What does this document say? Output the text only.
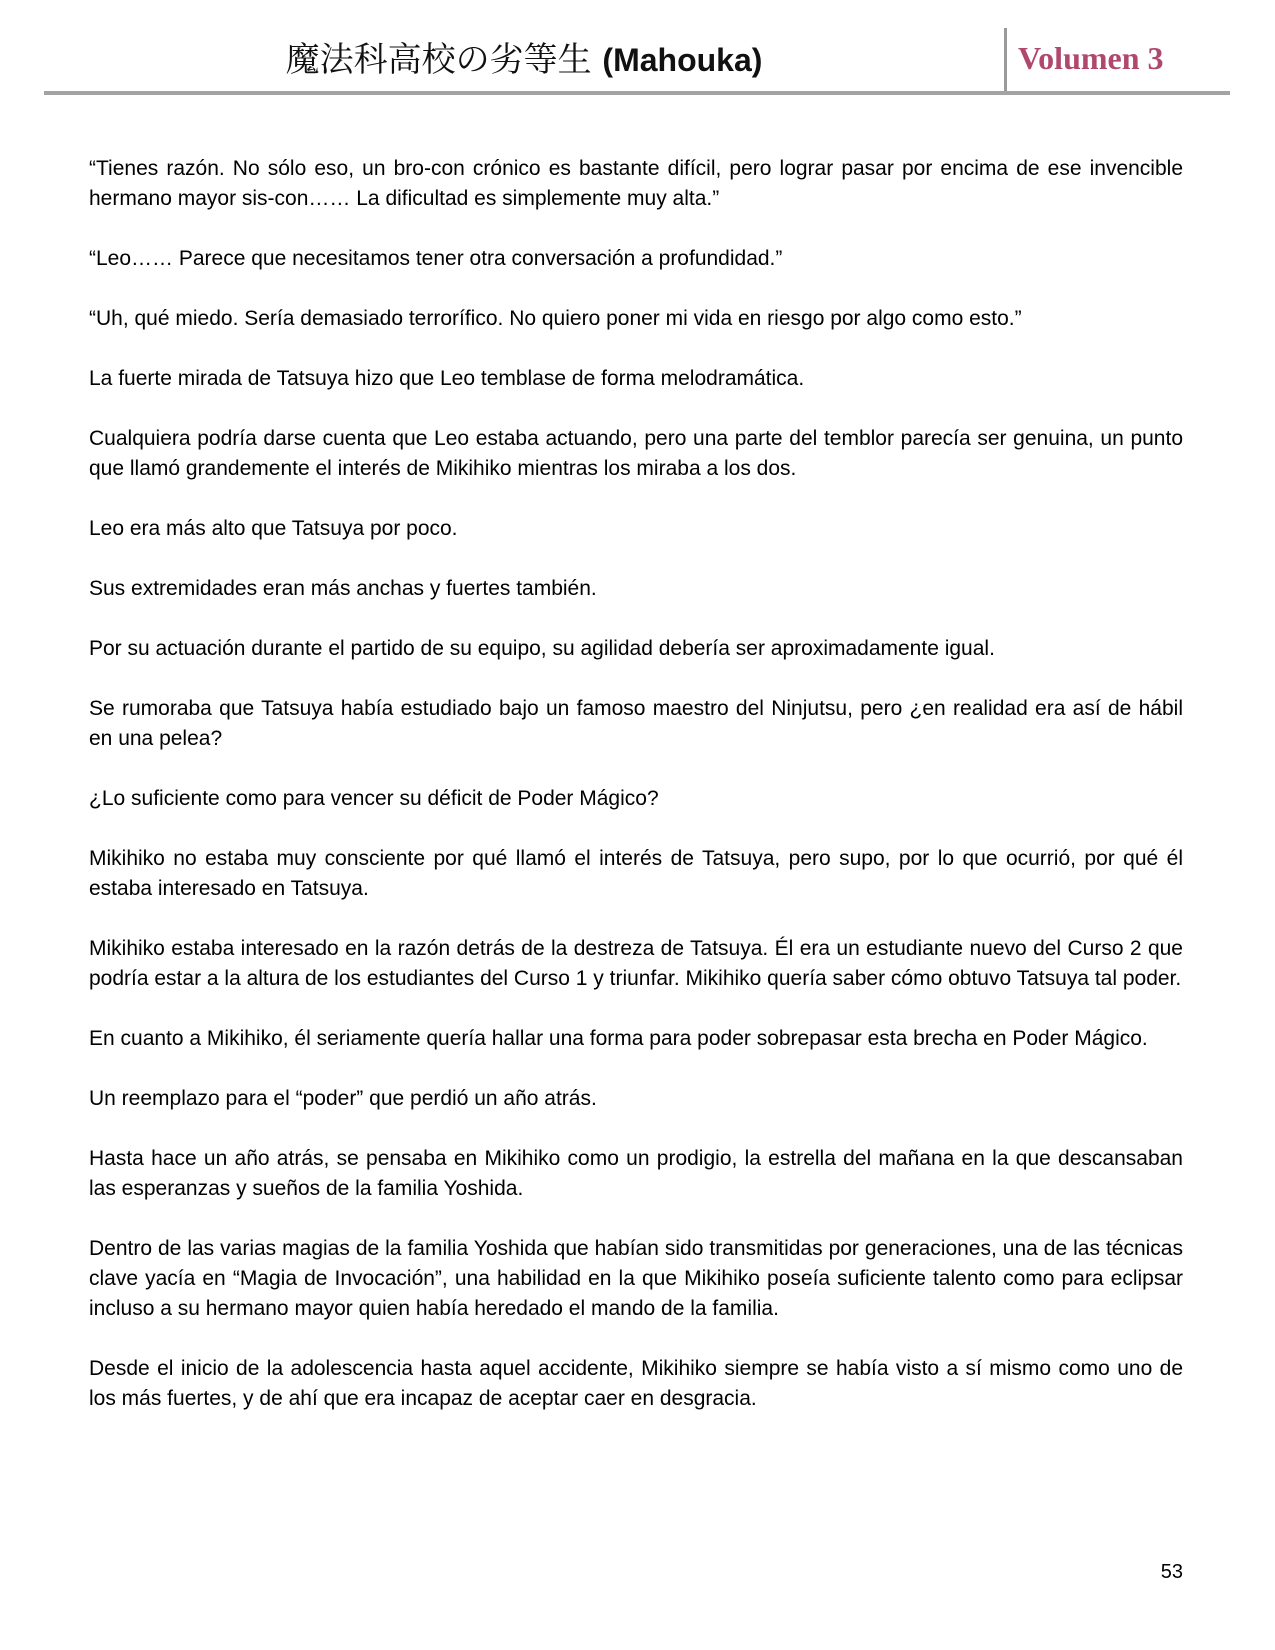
魔法科高校の劣等生 (Mahouka)	Volumen 3

“Tienes razón. No sólo eso, un bro-con crónico es bastante difícil, pero lograr pasar por encima de ese invencible hermano mayor sis-con…… La dificultad es simplemente muy alta.”

“Leo…… Parece que necesitamos tener otra conversación a profundidad.”

“Uh, qué miedo. Sería demasiado terrorífico. No quiero poner mi vida en riesgo por algo como esto.”

La fuerte mirada de Tatsuya hizo que Leo temblase de forma melodramática.

Cualquiera podría darse cuenta que Leo estaba actuando, pero una parte del temblor parecía ser genuina, un punto que llamó grandemente el interés de Mikihiko mientras los miraba a los dos.

Leo era más alto que Tatsuya por poco.

Sus extremidades eran más anchas y fuertes también.

Por su actuación durante el partido de su equipo, su agilidad debería ser aproximadamente igual.

Se rumoraba que Tatsuya había estudiado bajo un famoso maestro del Ninjutsu, pero ¿en realidad era así de hábil en una pelea?

¿Lo suficiente como para vencer su déficit de Poder Mágico?

Mikihiko no estaba muy consciente por qué llamó el interés de Tatsuya, pero supo, por lo que ocurrió, por qué él estaba interesado en Tatsuya.

Mikihiko estaba interesado en la razón detrás de la destreza de Tatsuya. Él era un estudiante nuevo del Curso 2 que podría estar a la altura de los estudiantes del Curso 1 y triunfar. Mikihiko quería saber cómo obtuvo Tatsuya tal poder.

En cuanto a Mikihiko, él seriamente quería hallar una forma para poder sobrepasar esta brecha en Poder Mágico.

Un reemplazo para el “poder” que perdió un año atrás.

Hasta hace un año atrás, se pensaba en Mikihiko como un prodigio, la estrella del mañana en la que descansaban las esperanzas y sueños de la familia Yoshida.

Dentro de las varias magias de la familia Yoshida que habían sido transmitidas por generaciones, una de las técnicas clave yacía en “Magia de Invocación”, una habilidad en la que Mikihiko poseía suficiente talento como para eclipsar incluso a su hermano mayor quien había heredado el mando de la familia.

Desde el inicio de la adolescencia hasta aquel accidente, Mikihiko siempre se había visto a sí mismo como uno de los más fuertes, y de ahí que era incapaz de aceptar caer en desgracia.

53
